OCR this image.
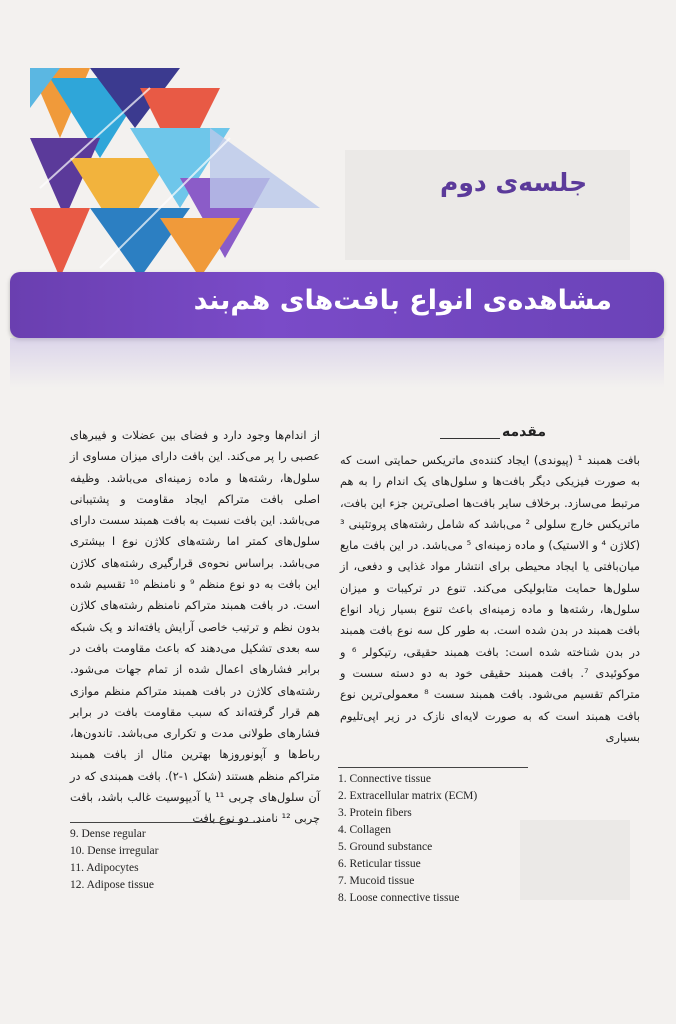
جلسه‌ی دوم
مشاهده‌ی انواع بافت‌های هم‌بند
مقدمه
بافت همبند ¹ (پیوندی) ایجاد کننده‌ی ماتریکس حمایتی است که به صورت فیزیکی دیگر بافت‌ها و سلول‌های یک اندام را به هم مرتبط می‌سازد. برخلاف سایر بافت‌ها اصلی‌ترین جزء این بافت، ماتریکس خارج سلولی ² می‌باشد که شامل رشته‌های پروتئینی ³ (کلاژن ⁴ و الاستیک) و ماده زمینه‌ای ⁵ می‌باشد. در این بافت مایع میان‌بافتی یا ایجاد محیطی برای انتشار مواد غذایی و دفعی، از سلول‌ها حمایت متابولیکی می‌کند. تنوع در ترکیبات و میزان سلول‌ها، رشته‌ها و ماده زمینه‌ای باعث تنوع بسیار زیاد انواع بافت همبند در بدن شده است. به طور کل سه نوع بافت همبند در بدن شناخته شده است: بافت همبند حقیقی، رتیکولر ⁶ و موکوئیدی ⁷. بافت همبند حقیقی خود به دو دسته سست و متراکم تقسیم می‌شود. بافت همبند سست ⁸ معمولی‌ترین نوع بافت همبند است که به صورت لایه‌ای نازک در زیر اپی‌تلیوم بسیاری
از اندام‌ها وجود دارد و فضای بین عضلات و فیبرهای عصبی را پر می‌کند. این بافت دارای میزان مساوی از سلول‌ها، رشته‌ها و ماده زمینه‌ای می‌باشد. وظیفه اصلی بافت متراکم ایجاد مقاومت و پشتیبانی می‌باشد. این بافت نسبت به بافت همبند سست دارای سلول‌های کمتر اما رشته‌های کلاژن نوع I بیشتری می‌باشد. براساس نحوه‌ی قرارگیری رشته‌های کلاژن این بافت به دو نوع منظم ⁹ و نامنظم ¹⁰ تقسیم شده است. در بافت همبند متراکم نامنظم رشته‌های کلاژن بدون نظم و ترتیب خاصی آرایش یافته‌اند و یک شبکه سه بعدی تشکیل می‌دهند که باعث مقاومت بافت در برابر فشارهای اعمال شده از تمام جهات می‌شود. رشته‌های کلاژن در بافت همبند متراکم منظم موازی هم قرار گرفته‌اند که سبب مقاومت بافت در برابر فشارهای طولانی مدت و تکراری می‌باشد. تاندون‌ها، رباط‌ها و آپونوروزها بهترین مثال از بافت همبند متراکم منظم هستند (شکل ۱-۲). بافت همبندی که در آن سلول‌های چربی ¹¹ یا آدیپوسیت غالب باشد، بافت چربی ¹² نامند. دو نوع بافت
9. Dense regular
10. Dense irregular
11. Adipocytes
12. Adipose tissue
1. Connective tissue
2. Extracellular matrix (ECM)
3. Protein fibers
4. Collagen
5. Ground substance
6. Reticular tissue
7. Mucoid tissue
8. Loose connective tissue
